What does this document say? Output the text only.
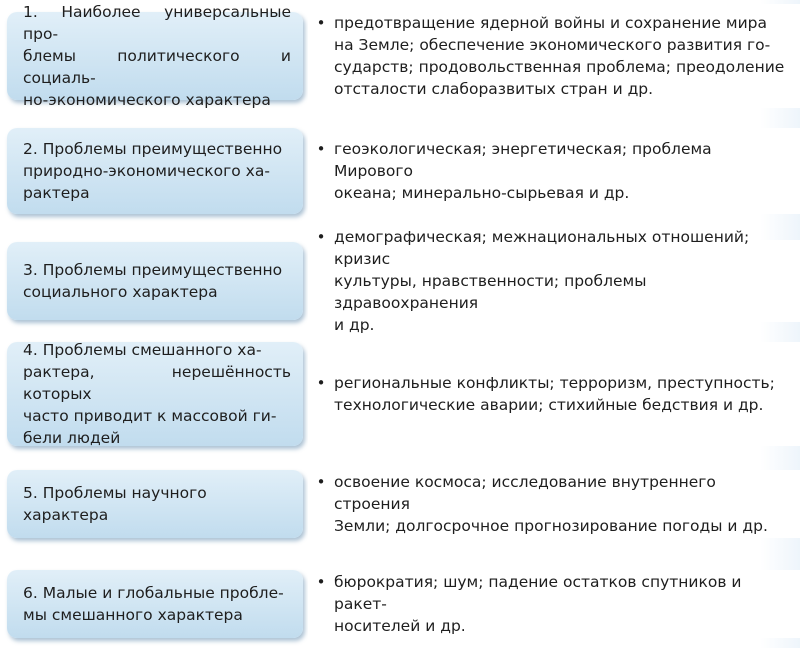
1. Наиболее универсальные про-
блемы политического и социаль-
но-экономического характера
• предотвращение ядерной войны и сохранение мира
на Земле; обеспечение экономического развития го-
сударств; продовольственная проблема; преодоление
отсталости слаборазвитых стран и др.
2. Проблемы преимущественно
природно-экономического ха-
рактера
• геоэкологическая; энергетическая; проблема Мирового
океана; минерально-сырьевая и др.
3. Проблемы преимущественно
социального характера
• демографическая; межнациональных отношений; кризис
культуры, нравственности; проблемы здравоохранения
и др.
4. Проблемы смешанного ха-
рактера, нерешённость которых
часто приводит к массовой ги-
бели людей
• региональные конфликты; терроризм, преступность;
технологические аварии; стихийные бедствия и др.
5. Проблемы научного
характера
• освоение космоса; исследование внутреннего строения
Земли; долгосрочное прогнозирование погоды и др.
6. Малые и глобальные пробле-
мы смешанного характера
• бюрократия; шум; падение остатков спутников и ракет-
носителей и др.
